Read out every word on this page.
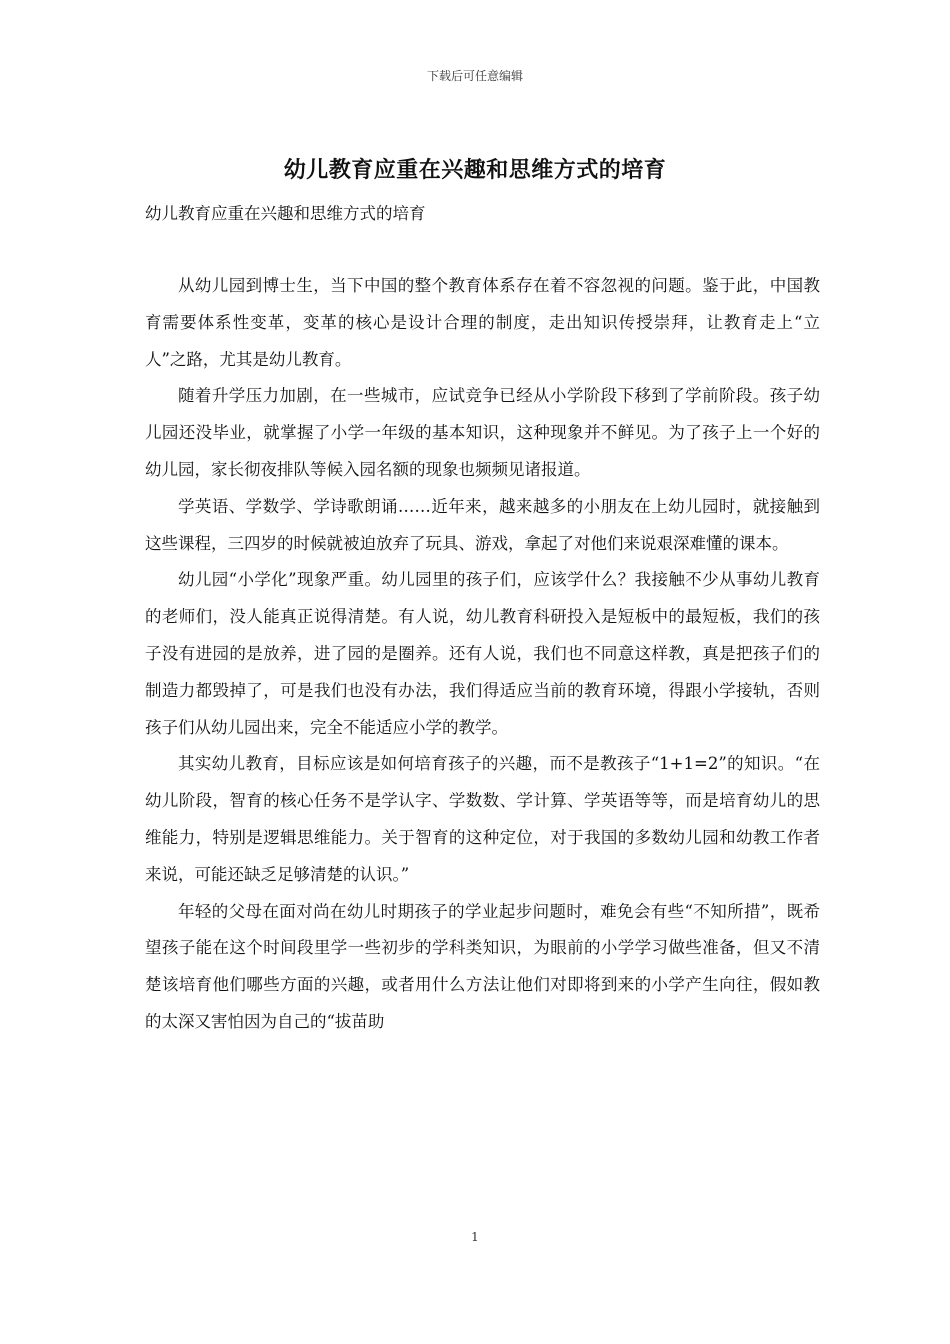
下载后可任意编辑
幼儿教育应重在兴趣和思维方式的培育

幼儿教育应重在兴趣和思维方式的培育

从幼儿园到博士生，当下中国的整个教育体系存在着不容忽视的问题。鉴于此，中国教育需要体系性变革，变革的核心是设计合理的制度，走出知识传授崇拜，让教育走上“立人”之路，尤其是幼儿教育。

随着升学压力加剧，在一些城市，应试竞争已经从小学阶段下移到了学前阶段。孩子幼儿园还没毕业，就掌握了小学一年级的基本知识，这种现象并不鲜见。为了孩子上一个好的幼儿园，家长彻夜排队等候入园名额的现象也频频见诸报道。

学英语、学数学、学诗歌朗诵……近年来，越来越多的小朋友在上幼儿园时，就接触到这些课程，三四岁的时候就被迫放弃了玩具、游戏，拿起了对他们来说艰深难懂的课本。

幼儿园“小学化”现象严重。幼儿园里的孩子们，应该学什么？我接触不少从事幼儿教育的老师们，没人能真正说得清楚。有人说，幼儿教育科研投入是短板中的最短板，我们的孩子没有进园的是放养，进了园的是圈养。还有人说，我们也不同意这样教，真是把孩子们的制造力都毁掉了，可是我们也没有办法，我们得适应当前的教育环境，得跟小学接轨，否则孩子们从幼儿园出来，完全不能适应小学的教学。

其实幼儿教育，目标应该是如何培育孩子的兴趣，而不是教孩子“1+1=2”的知识。“在幼儿阶段，智育的核心任务不是学认字、学数数、学计算、学英语等等，而是培育幼儿的思维能力，特别是逻辑思维能力。关于智育的这种定位，对于我国的多数幼儿园和幼教工作者来说，可能还缺乏足够清楚的认识。”

年轻的父母在面对尚在幼儿时期孩子的学业起步问题时，难免会有些“不知所措”，既希望孩子能在这个时间段里学一些初步的学科类知识，为眼前的小学学习做些准备，但又不清楚该培育他们哪些方面的兴趣，或者用什么方法让他们对即将到来的小学产生向往，假如教的太深又害怕因为自己的“拔苗助

1
